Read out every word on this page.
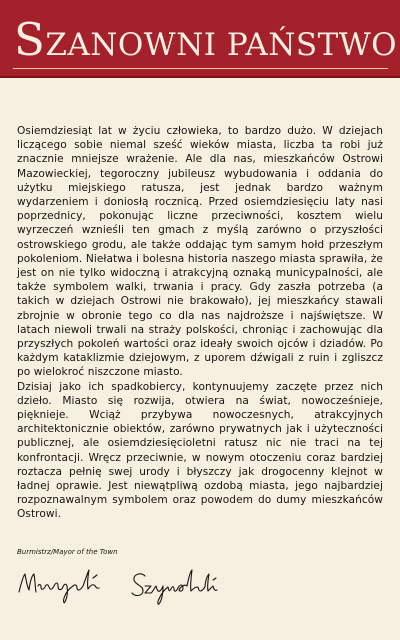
SZANOWNI PAŃSTWO

Osiemdziesiąt lat w życiu człowieka, to bardzo dużo. W dziejach liczącego sobie niemal sześć wieków miasta, liczba ta robi już znacznie mniejsze wrażenie. Ale dla nas, mieszkańców Ostrowi Mazowieckiej, tegoroczny jubileusz wybudowania i oddania do użytku miejskiego ratusza, jest jednak bardzo ważnym wydarzeniem i doniosłą rocznicą. Przed osiemdziesięciu laty nasi poprzednicy, pokonując liczne przeciwności, kosztem wielu wyrzeczeń wznieśli ten gmach z myślą zarówno o przyszłości ostrowskiego grodu, ale także oddając tym samym hołd przeszłym pokoleniom. Niełatwa i bolesna historia naszego miasta sprawiła, że jest on nie tylko widoczną i atrakcyjną oznaką municypalności, ale także symbolem walki, trwania i pracy. Gdy zaszła potrzeba (a takich w dziejach Ostrowi nie brakowało), jej mieszkańcy stawali zbrojnie w obronie tego co dla nas najdroższe i najświętsze. W latach niewoli trwali na straży polskości, chroniąc i zachowując dla przyszłych pokoleń wartości oraz ideały swoich ojców i dziadów. Po każdym kataklizmie dziejowym, z uporem dźwigali z ruin i zgliszcz po wielokroć niszczone miasto.

Dzisiaj jako ich spadkobiercy, kontynuujemy zaczęte przez nich dzieło. Miasto się rozwija, otwiera na świat, nowocześnieje, pięknieje. Wciąż przybywa nowoczesnych, atrakcyjnych architektonicznie obiektów, zarówno prywatnych jak i użyteczności publicznej, ale osiemdziesięcioletni ratusz nic nie traci na tej konfrontacji. Wręcz przeciwnie, w nowym otoczeniu coraz bardziej roztacza pełnię swej urody i błyszczy jak drogocenny klejnot w ładnej oprawie. Jest niewątpliwą ozdobą miasta, jego najbardziej rozpoznawalnym symbolem oraz powodem do dumy mieszkańców Ostrowi.

Burmistrz/Mayor of the Town
